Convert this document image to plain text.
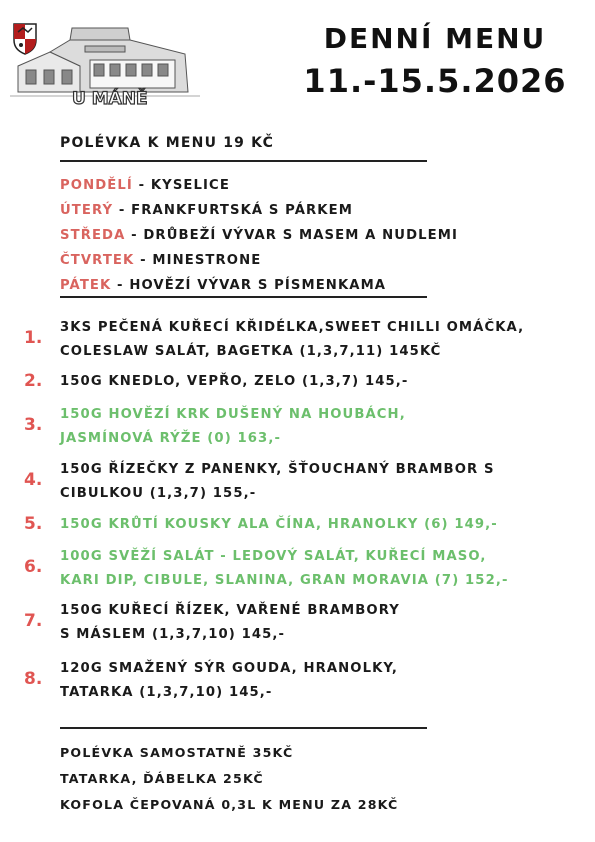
U MÁNĚ
DENNÍ MENU
11.-15.5.2026
POLÉVKA K MENU 19 KČ
PONDĚLÍ - KYSELICE
ÚTERÝ - FRANKFURTSKÁ S PÁRKEM
STŘEDA - DRŮBEŽÍ VÝVAR S MASEM A NUDLEMI
ČTVRTEK - MINESTRONE
PÁTEK - HOVĚZÍ VÝVAR S PÍSMENKAMA
1.
3KS PEČENÁ KUŘECÍ KŘIDÉLKA,SWEET CHILLI OMÁČKA,
COLESLAW SALÁT, BAGETKA (1,3,7,11) 145KČ
2. 150G KNEDLO, VEPŘO, ZELO (1,3,7) 145,-
3.
150G HOVĚZÍ KRK DUŠENÝ NA HOUBÁCH,
JASMÍNOVÁ RÝŽE (0) 163,-
4.
150G ŘÍZEČKY Z PANENKY, ŠŤOUCHANÝ BRAMBOR S
CIBULKOU (1,3,7) 155,-
5. 150G KRŮTÍ KOUSKY ALA ČÍNA, HRANOLKY (6) 149,-
6.
100G SVĚŽÍ SALÁT - LEDOVÝ SALÁT, KUŘECÍ MASO,
KARI DIP, CIBULE, SLANINA, GRAN MORAVIA (7) 152,-
7.
150G KUŘECÍ ŘÍZEK, VAŘENÉ BRAMBORY
S MÁSLEM (1,3,7,10) 145,-
8.
120G SMAŽENÝ SÝR GOUDA, HRANOLKY,
TATARKA (1,3,7,10) 145,-
POLÉVKA SAMOSTATNĚ 35KČ
TATARKA, ĎÁBELKA 25KČ
KOFOLA ČEPOVANÁ 0,3L K MENU ZA 28KČ
